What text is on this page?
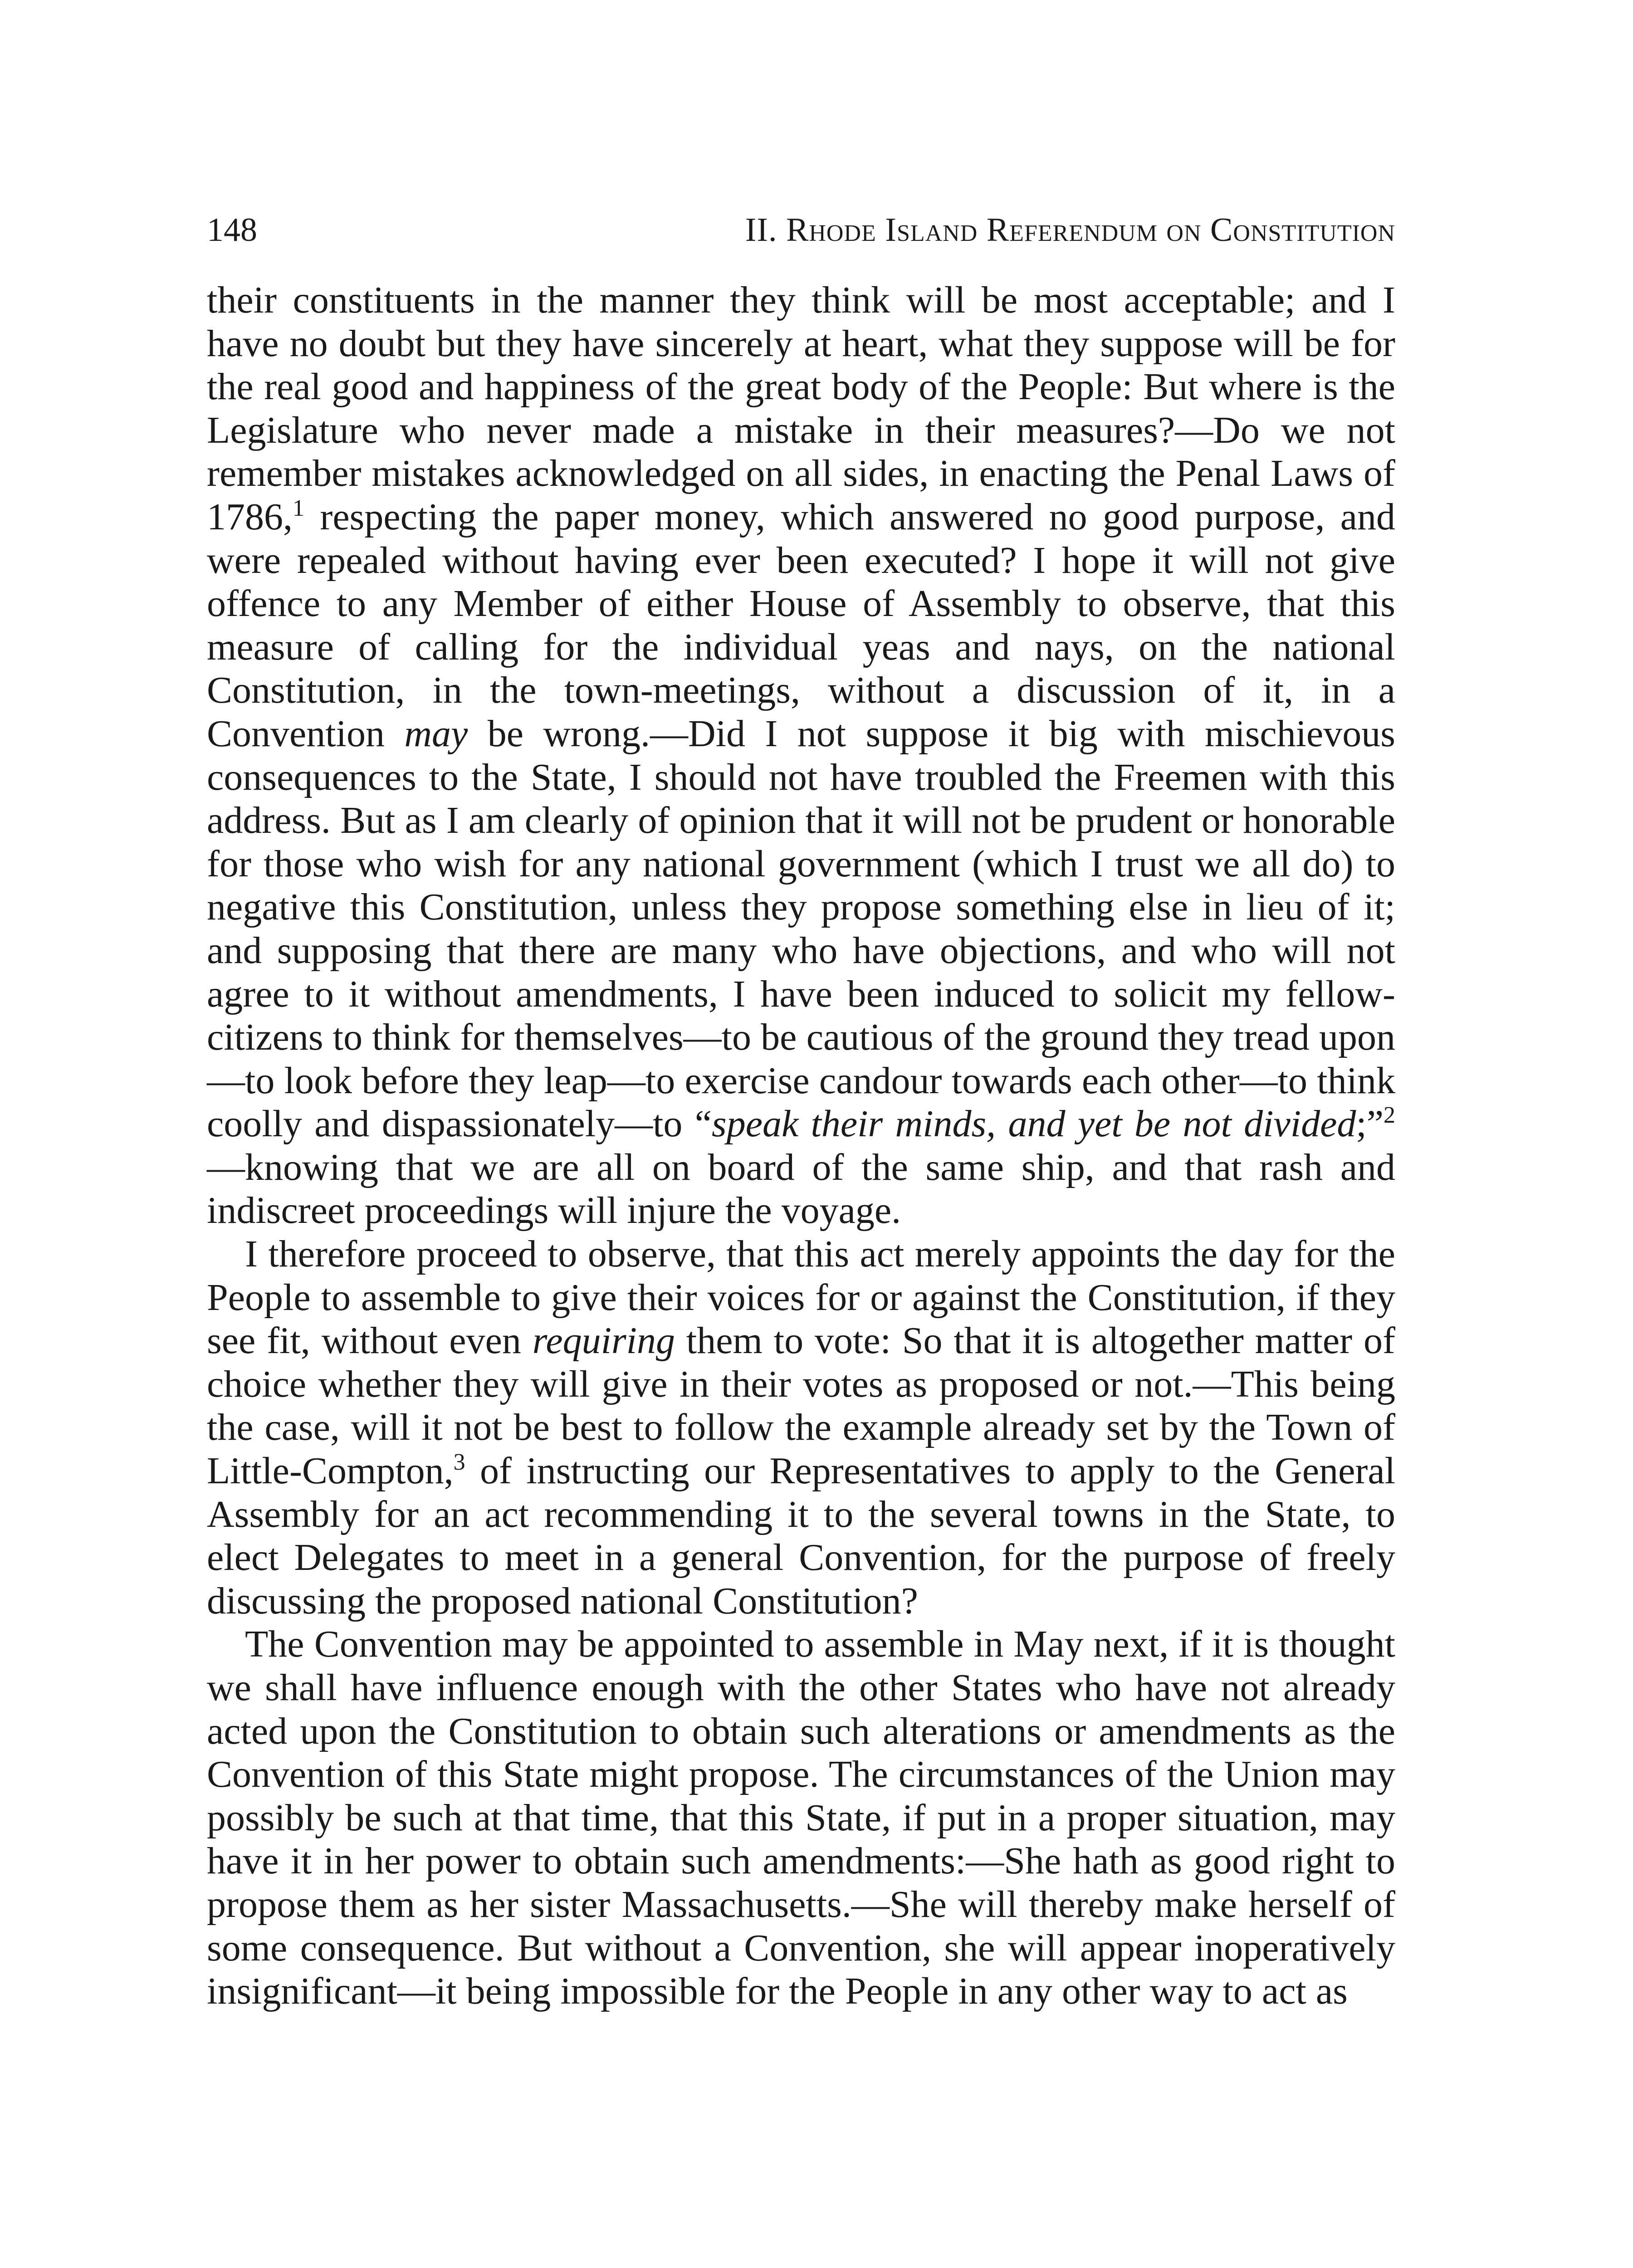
148	II. Rhode Island Referendum on Constitution

their constituents in the manner they think will be most acceptable; and I have no doubt but they have sincerely at heart, what they suppose will be for the real good and happiness of the great body of the People: But where is the Legislature who never made a mistake in their measures?—Do we not remember mistakes acknowledged on all sides, in enacting the Penal Laws of 1786,$^1$ respecting the paper money, which answered no good purpose, and were repealed without having ever been executed? I hope it will not give offence to any Member of either House of Assembly to observe, that this measure of calling for the individual yeas and nays, on the national Constitution, in the town-meetings, without a discussion of it, in a Convention may be wrong.—Did I not suppose it big with mischievous consequences to the State, I should not have troubled the Freemen with this address. But as I am clearly of opinion that it will not be prudent or honorable for those who wish for any national government (which I trust we all do) to negative this Constitution, unless they propose something else in lieu of it; and supposing that there are many who have objections, and who will not agree to it without amendments, I have been induced to solicit my fellow-citizens to think for themselves—to be cautious of the ground they tread upon—to look before they leap—to exercise candour towards each other—to think coolly and dispassionately—to “speak their minds, and yet be not divided;”$^2$—knowing that we are all on board of the same ship, and that rash and indiscreet proceedings will injure the voyage.

I therefore proceed to observe, that this act merely appoints the day for the People to assemble to give their voices for or against the Constitution, if they see fit, without even requiring them to vote: So that it is altogether matter of choice whether they will give in their votes as proposed or not.—This being the case, will it not be best to follow the example already set by the Town of Little-Compton,$^3$ of instructing our Representatives to apply to the General Assembly for an act recommending it to the several towns in the State, to elect Delegates to meet in a general Convention, for the purpose of freely discussing the proposed national Constitution?

The Convention may be appointed to assemble in May next, if it is thought we shall have influence enough with the other States who have not already acted upon the Constitution to obtain such alterations or amendments as the Convention of this State might propose. The circumstances of the Union may possibly be such at that time, that this State, if put in a proper situation, may have it in her power to obtain such amendments:—She hath as good right to propose them as her sister Massachusetts.—She will thereby make herself of some consequence. But without a Convention, she will appear inoperatively insignificant—it being impossible for the People in any other way to act as
